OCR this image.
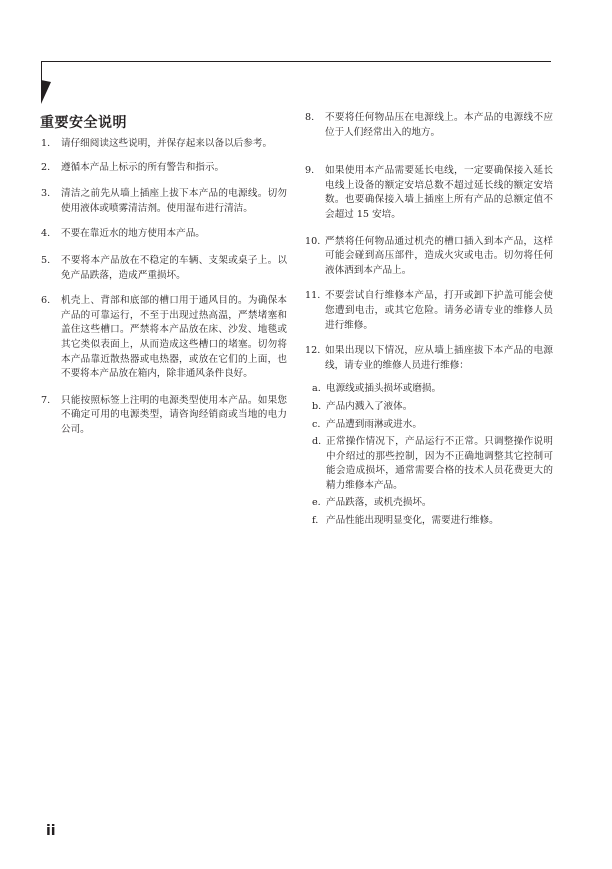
重要安全说明
1.	请仔细阅读这些说明，并保存起来以备以后参考。
2.	遵循本产品上标示的所有警告和指示。
3.	清洁之前先从墙上插座上拔下本产品的电源线。切勿使用液体或喷雾清洁剂。使用湿布进行清洁。
4.	不要在靠近水的地方使用本产品。
5.	不要将本产品放在不稳定的车辆、支架或桌子上。以免产品跌落，造成严重损坏。
6.	机壳上、背部和底部的槽口用于通风目的。为确保本产品的可靠运行，不至于出现过热高温，严禁堵塞和盖住这些槽口。严禁将本产品放在床、沙发、地毯或其它类似表面上，从而造成这些槽口的堵塞。切勿将本产品靠近散热器或电热器，或放在它们的上面，也不要将本产品放在箱内，除非通风条件良好。
7.	只能按照标签上注明的电源类型使用本产品。如果您不确定可用的电源类型，请咨询经销商或当地的电力公司。
8.	不要将任何物品压在电源线上。本产品的电源线不应位于人们经常出入的地方。
9.	如果使用本产品需要延长电线，一定要确保接入延长电线上设备的额定安培总数不超过延长线的额定安培数。也要确保接入墙上插座上所有产品的总额定值不会超过 15 安培。
10. 严禁将任何物品通过机壳的槽口插入到本产品，这样可能会碰到高压部件，造成火灾或电击。切勿将任何液体洒到本产品上。
11. 不要尝试自行维修本产品，打开或卸下护盖可能会使您遭到电击，或其它危险。请务必请专业的维修人员进行维修。
12. 如果出现以下情况，应从墙上插座拔下本产品的电源线，请专业的维修人员进行维修：
a. 电源线或插头损坏或磨损。
b. 产品内溅入了液体。
c. 产品遭到雨淋或进水。
d. 正常操作情况下，产品运行不正常。只调整操作说明中介绍过的那些控制，因为不正确地调整其它控制可能会造成损坏，通常需要合格的技术人员花费更大的精力维修本产品。
e. 产品跌落，或机壳损坏。
f. 产品性能出现明显变化，需要进行维修。
ii
